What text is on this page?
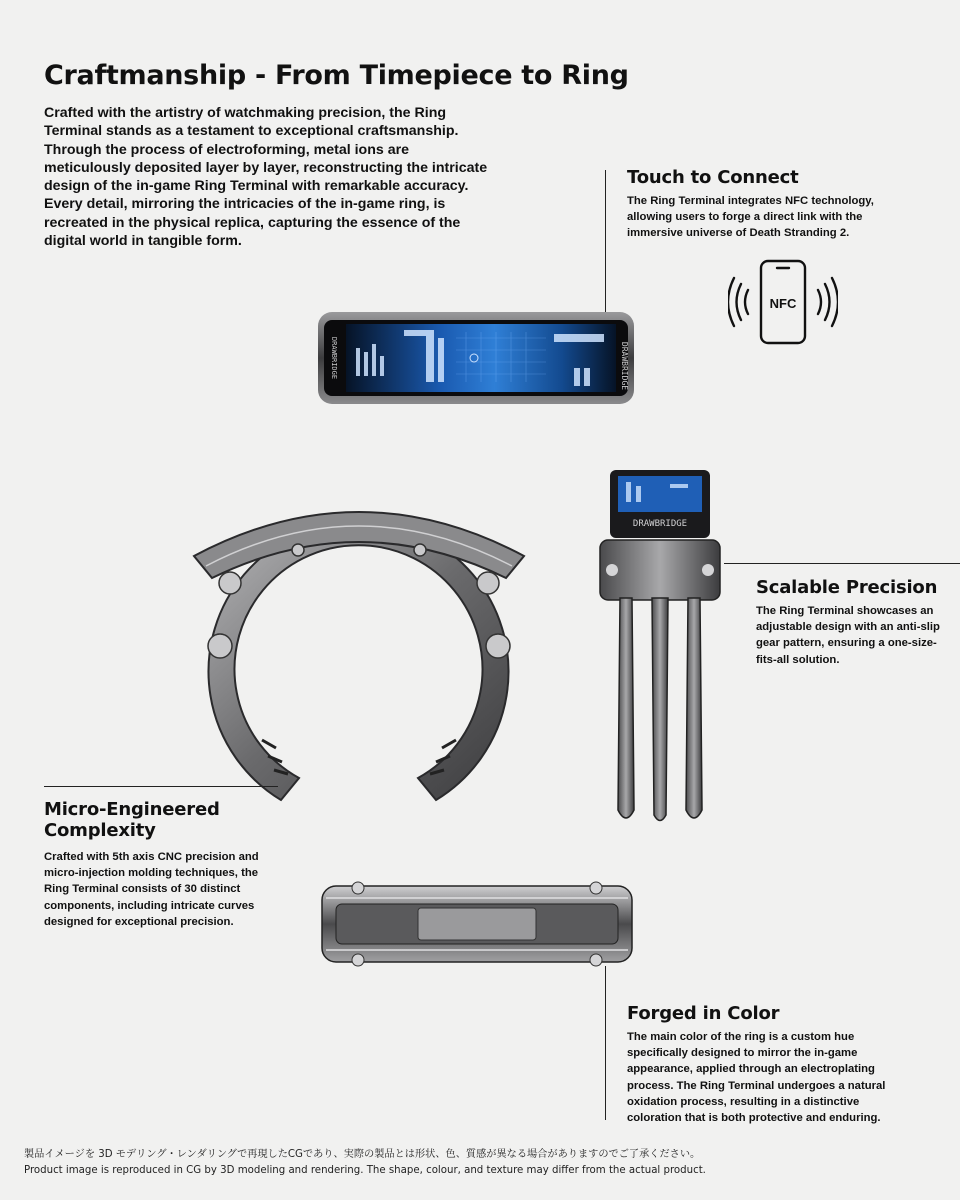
Craftmanship - From Timepiece to Ring

Crafted with the artistry of watchmaking precision, the Ring Terminal stands as a testament to exceptional craftsmanship. Through the process of electroforming, metal ions are meticulously deposited layer by layer, reconstructing the intricate design of the in-game Ring Terminal with remarkable accuracy. Every detail, mirroring the intricacies of the in-game ring, is recreated in the physical replica, capturing the essence of the digital world in tangible form.

Touch to Connect

The Ring Terminal integrates NFC technology, allowing users to forge a direct link with the immersive universe of Death Stranding 2.

NFC
DRAWBRIDGE
DRAWBRIDGE
Scalable Precision

The Ring Terminal showcases an adjustable design with an anti-slip gear pattern, ensuring a one-size-fits-all solution.

DRAWBRIDGE
Micro-Engineered
Complexity

Crafted with 5th axis CNC precision and micro-injection molding techniques, the Ring Terminal consists of 30 distinct components, including intricate curves designed for exceptional precision.

Forged in Color

The main color of the ring is a custom hue specifically designed to mirror the in-game appearance, applied through an electroplating process. The Ring Terminal undergoes a natural oxidation process, resulting in a distinctive coloration that is both protective and enduring.

製品イメージを 3D モデリング・レンダリングで再現したCGであり、実際の製品とは形状、色、質感が異なる場合がありますのでご了承ください。

Product image is reproduced in CG by 3D modeling and rendering. The shape, colour, and texture may differ from the actual product.
